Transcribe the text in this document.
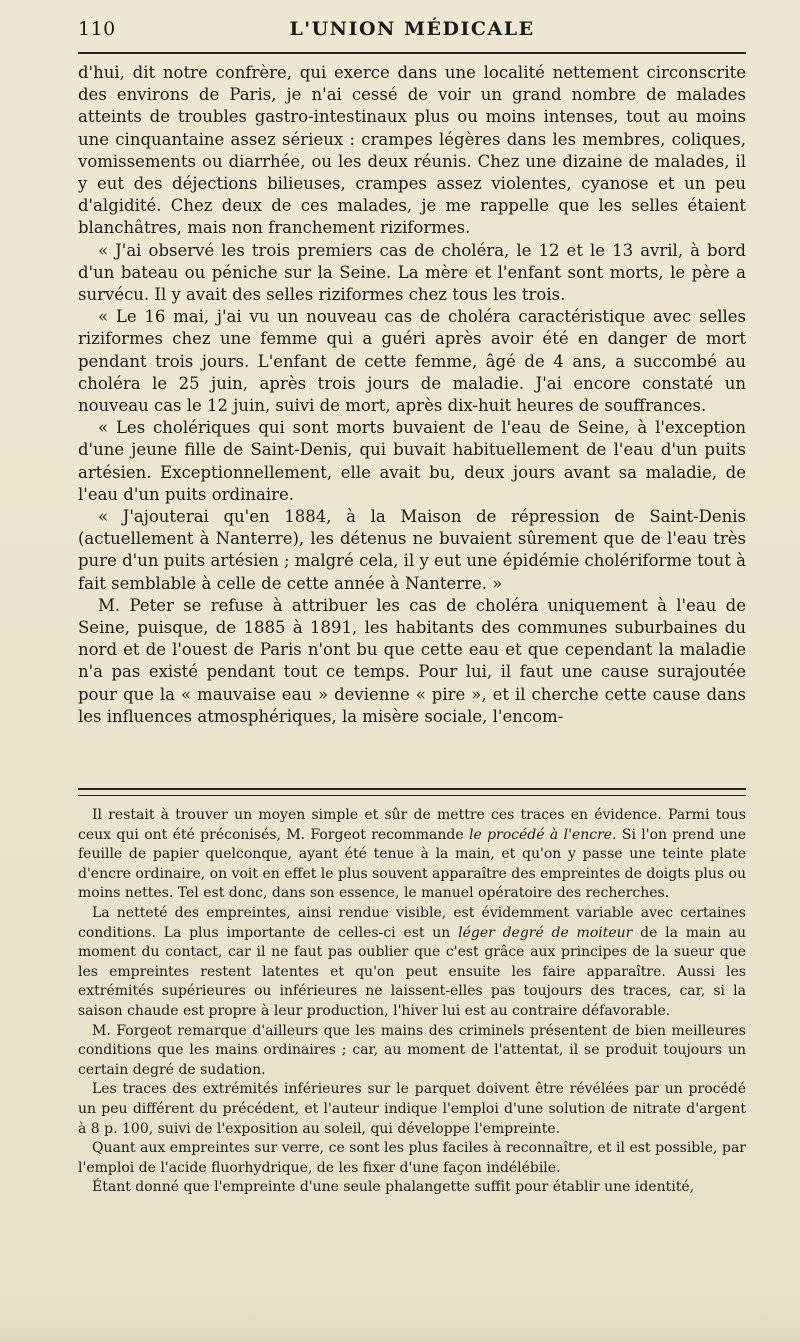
110	L'UNION MÉDICALE

d'hui, dit notre confrère, qui exerce dans une localité nettement circonscrite des environs de Paris, je n'ai cessé de voir un grand nombre de malades atteints de troubles gastro-intestinaux plus ou moins intenses, tout au moins une cinquantaine assez sérieux : crampes légères dans les membres, coliques, vomissements ou diarrhée, ou les deux réunis. Chez une dizaine de malades, il y eut des déjections bilieuses, crampes assez violentes, cyanose et un peu d'algidité. Chez deux de ces malades, je me rappelle que les selles étaient blanchâtres, mais non franchement riziformes.

« J'ai observé les trois premiers cas de choléra, le 12 et le 13 avril, à bord d'un bateau ou péniche sur la Seine. La mère et l'enfant sont morts, le père a survécu. Il y avait des selles riziformes chez tous les trois.

« Le 16 mai, j'ai vu un nouveau cas de choléra caractéristique avec selles riziformes chez une femme qui a guéri après avoir été en danger de mort pendant trois jours. L'enfant de cette femme, âgé de 4 ans, a succombé au choléra le 25 juin, après trois jours de maladie. J'ai encore constaté un nouveau cas le 12 juin, suivi de mort, après dix-huit heures de souffrances.

« Les cholériques qui sont morts buvaient de l'eau de Seine, à l'exception d'une jeune fille de Saint-Denis, qui buvait habituellement de l'eau d'un puits artésien. Exceptionnellement, elle avait bu, deux jours avant sa maladie, de l'eau d'un puits ordinaire.

« J'ajouterai qu'en 1884, à la Maison de répression de Saint-Denis (actuellement à Nanterre), les détenus ne buvaient sûrement que de l'eau très pure d'un puits artésien ; malgré cela, il y eut une épidémie cholériforme tout à fait semblable à celle de cette année à Nanterre. »

M. Peter se refuse à attribuer les cas de choléra uniquement à l'eau de Seine, puisque, de 1885 à 1891, les habitants des communes suburbaines du nord et de l'ouest de Paris n'ont bu que cette eau et que cependant la maladie n'a pas existé pendant tout ce temps. Pour lui, il faut une cause surajoutée pour que la « mauvaise eau » devienne « pire », et il cherche cette cause dans les influences atmosphériques, la misère sociale, l'encom-

Il restait à trouver un moyen simple et sûr de mettre ces traces en évidence. Parmi tous ceux qui ont été préconisés, M. Forgeot recommande le procédé à l'encre. Si l'on prend une feuille de papier quelconque, ayant été tenue à la main, et qu'on y passe une teinte plate d'encre ordinaire, on voit en effet le plus souvent apparaître des empreintes de doigts plus ou moins nettes. Tel est donc, dans son essence, le manuel opératoire des recherches.

La netteté des empreintes, ainsi rendue visible, est évidemment variable avec certaines conditions. La plus importante de celles-ci est un léger degré de moiteur de la main au moment du contact, car il ne faut pas oublier que c'est grâce aux principes de la sueur que les empreintes restent latentes et qu'on peut ensuite les faire apparaître. Aussi les extrémités supérieures ou inférieures ne laissent-elles pas toujours des traces, car, si la saison chaude est propre à leur production, l'hiver lui est au contraire défavorable.

M. Forgeot remarque d'ailleurs que les mains des criminels présentent de bien meilleures conditions que les mains ordinaires ; car, au moment de l'attentat, il se produit toujours un certain degré de sudation.

Les traces des extrémités inférieures sur le parquet doivent être révélées par un procédé un peu différent du précédent, et l'auteur indique l'emploi d'une solution de nitrate d'argent à 8 p. 100, suivi de l'exposition au soleil, qui développe l'empreinte.

Quant aux empreintes sur verre, ce sont les plus faciles à reconnaître, et il est possible, par l'emploi de l'acide fluorhydrique, de les fixer d'une façon indélébile.

Étant donné que l'empreinte d'une seule phalangette suffit pour établir une identité,
